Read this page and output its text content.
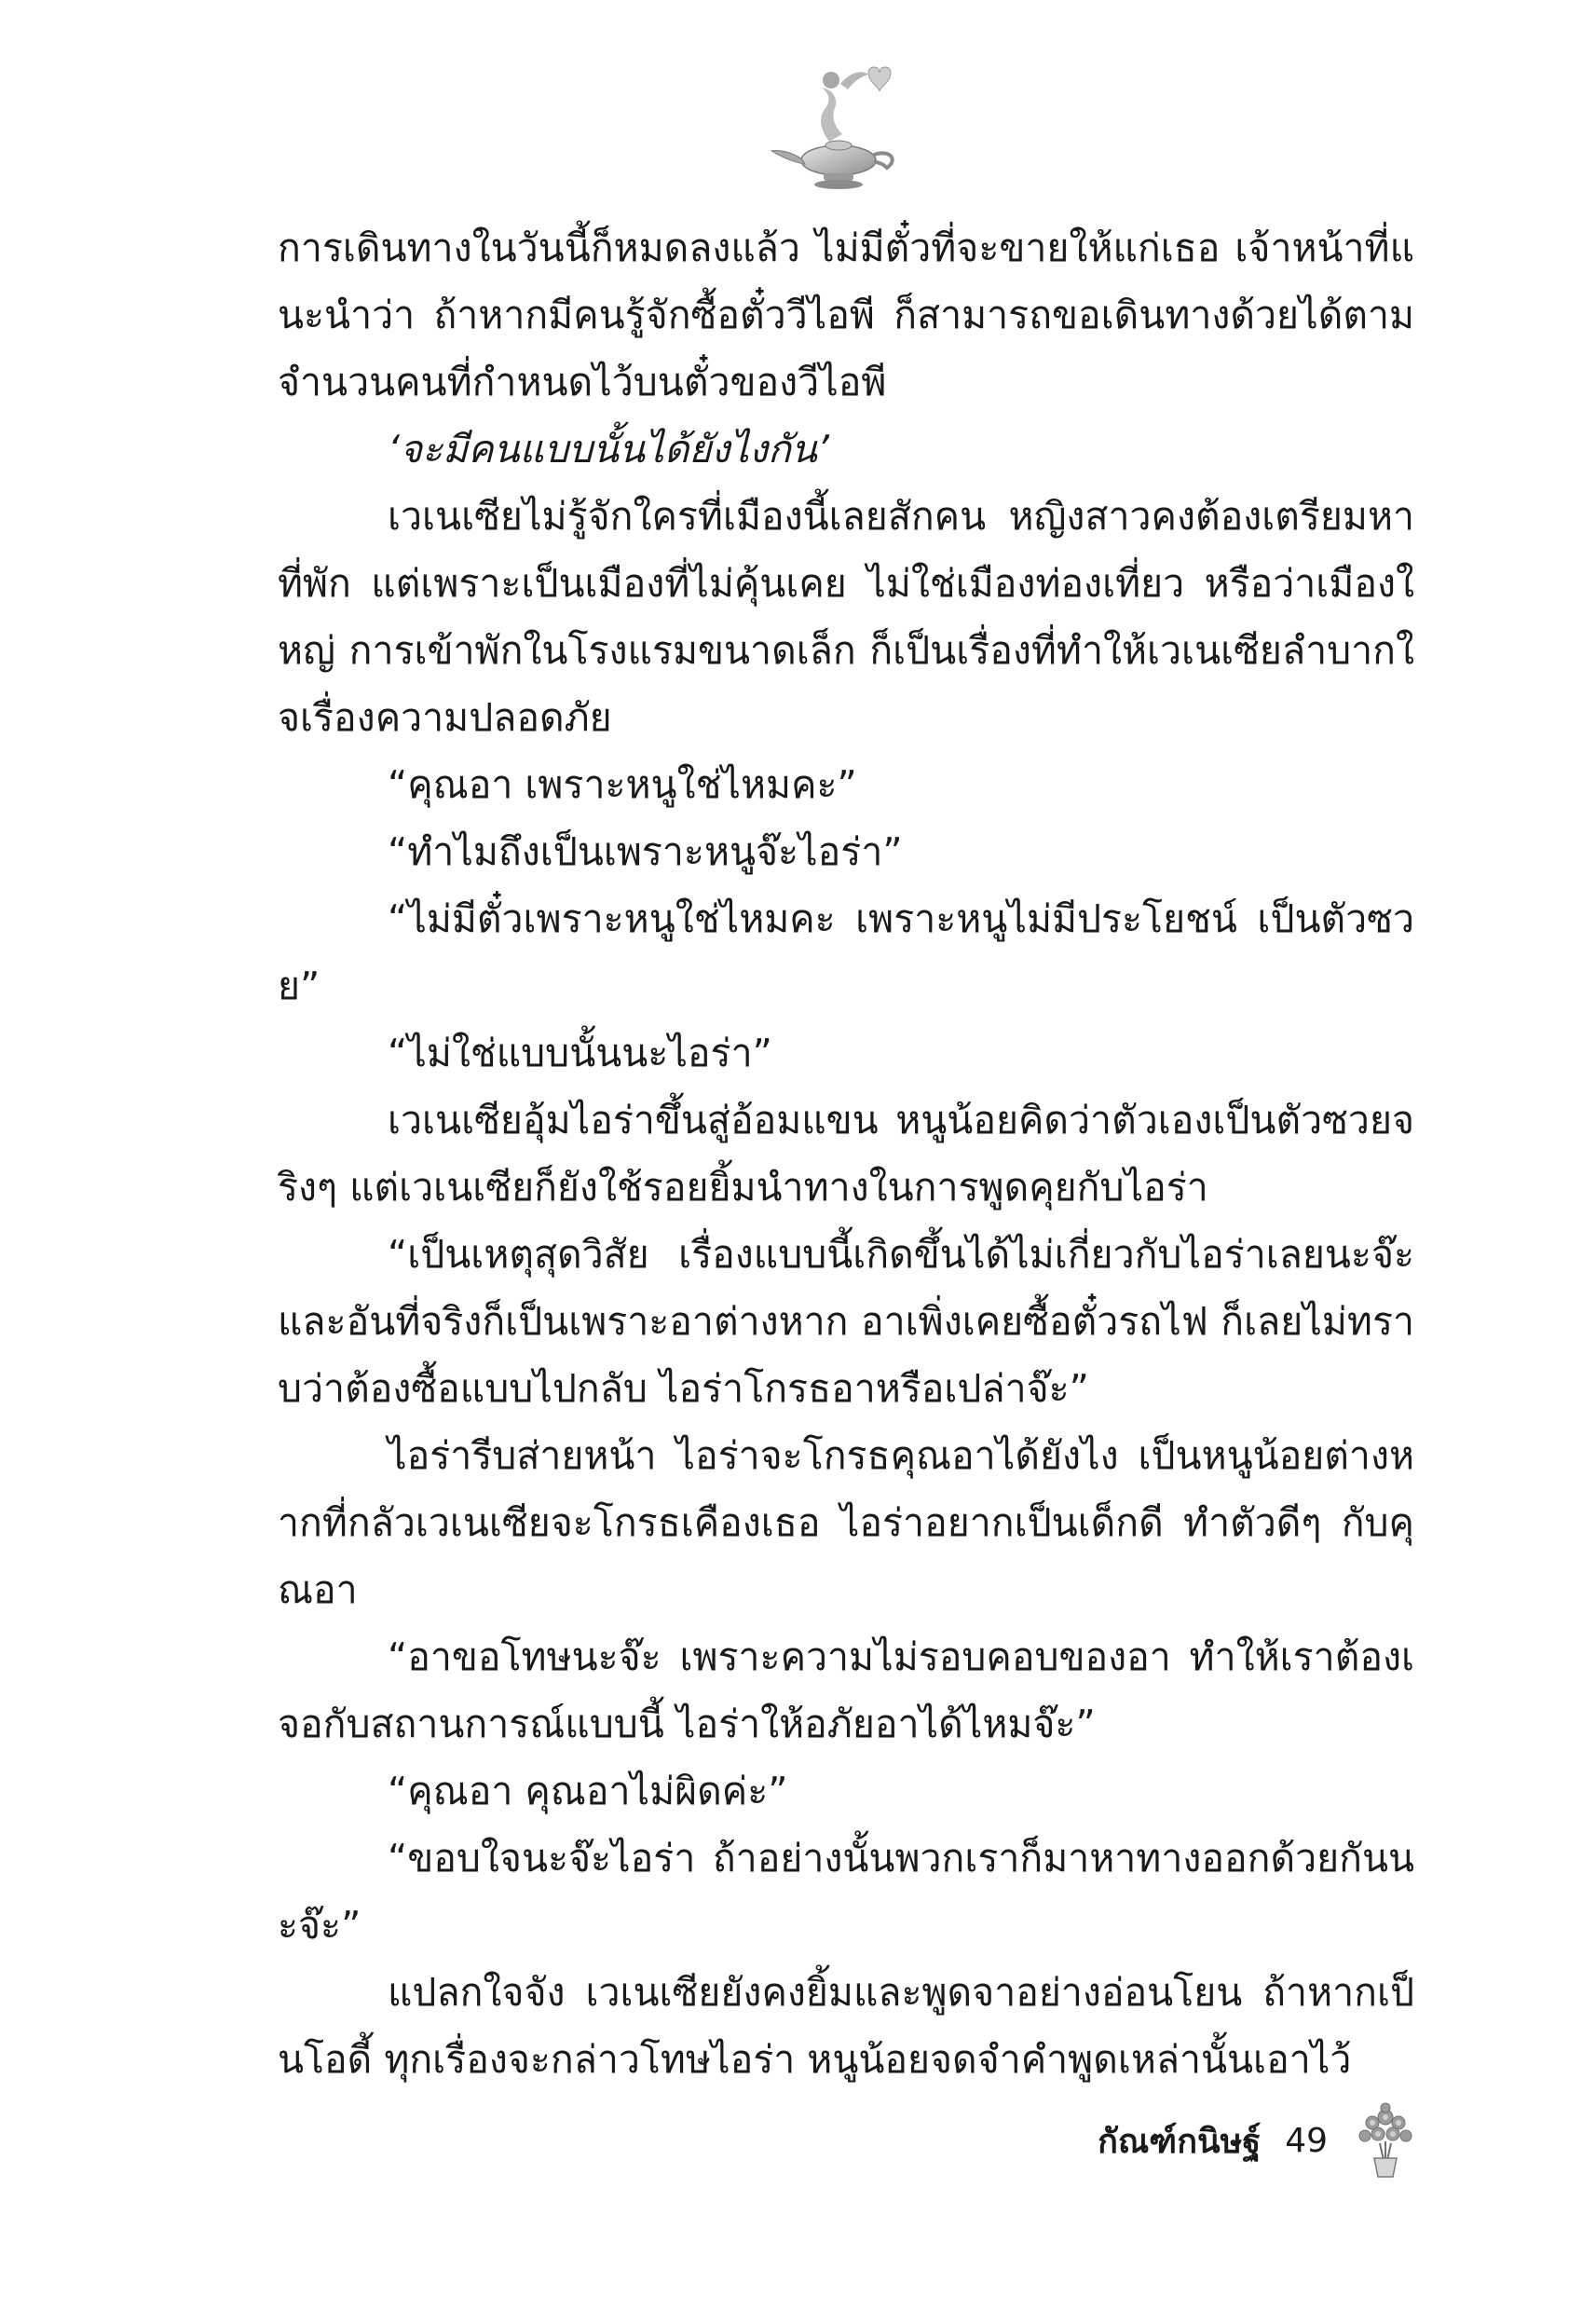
การเดินทางในวันนี้ก็หมดลงแล้ว ไม่มีตั๋วที่จะขายให้แก่เธอ เจ้าหน้าที่แนะนำว่า ถ้าหากมีคนรู้จักซื้อตั๋ววีไอพี ก็สามารถขอเดินทางด้วยได้ตามจำนวนคนที่กำหนดไว้บนตั๋วของวีไอพี

‘จะมีคนแบบนั้นได้ยังไงกัน’

เวเนเซียไม่รู้จักใครที่เมืองนี้เลยสักคน หญิงสาวคงต้องเตรียมหาที่พัก แต่เพราะเป็นเมืองที่ไม่คุ้นเคย ไม่ใช่เมืองท่องเที่ยว หรือว่าเมืองใหญ่ การเข้าพักในโรงแรมขนาดเล็ก ก็เป็นเรื่องที่ทำให้เวเนเซียลำบากใจเรื่องความปลอดภัย

“คุณอา เพราะหนูใช่ไหมคะ”

“ทำไมถึงเป็นเพราะหนูจ๊ะไอร่า”

“ไม่มีตั๋วเพราะหนูใช่ไหมคะ เพราะหนูไม่มีประโยชน์ เป็นตัวซวย”

“ไม่ใช่แบบนั้นนะไอร่า”

เวเนเซียอุ้มไอร่าขึ้นสู่อ้อมแขน หนูน้อยคิดว่าตัวเองเป็นตัวซวยจริงๆ แต่เวเนเซียก็ยังใช้รอยยิ้มนำทางในการพูดคุยกับไอร่า

“เป็นเหตุสุดวิสัย เรื่องแบบนี้เกิดขึ้นได้ไม่เกี่ยวกับไอร่าเลยนะจ๊ะ และอันที่จริงก็เป็นเพราะอาต่างหาก อาเพิ่งเคยซื้อตั๋วรถไฟ ก็เลยไม่ทราบว่าต้องซื้อแบบไปกลับ ไอร่าโกรธอาหรือเปล่าจ๊ะ”

ไอร่ารีบส่ายหน้า ไอร่าจะโกรธคุณอาได้ยังไง เป็นหนูน้อยต่างหากที่กลัวเวเนเซียจะโกรธเคืองเธอ ไอร่าอยากเป็นเด็กดี ทำตัวดีๆ กับคุณอา

“อาขอโทษนะจ๊ะ เพราะความไม่รอบคอบของอา ทำให้เราต้องเจอกับสถานการณ์แบบนี้ ไอร่าให้อภัยอาได้ไหมจ๊ะ”

“คุณอา คุณอาไม่ผิดค่ะ”

“ขอบใจนะจ๊ะไอร่า ถ้าอย่างนั้นพวกเราก็มาหาทางออกด้วยกันนะจ๊ะ”

แปลกใจจัง เวเนเซียยังคงยิ้มและพูดจาอย่างอ่อนโยน ถ้าหากเป็นโอดี้ ทุกเรื่องจะกล่าวโทษไอร่า หนูน้อยจดจำคำพูดเหล่านั้นเอาไว้

กัณฑ์กนิษฐ์ 49
